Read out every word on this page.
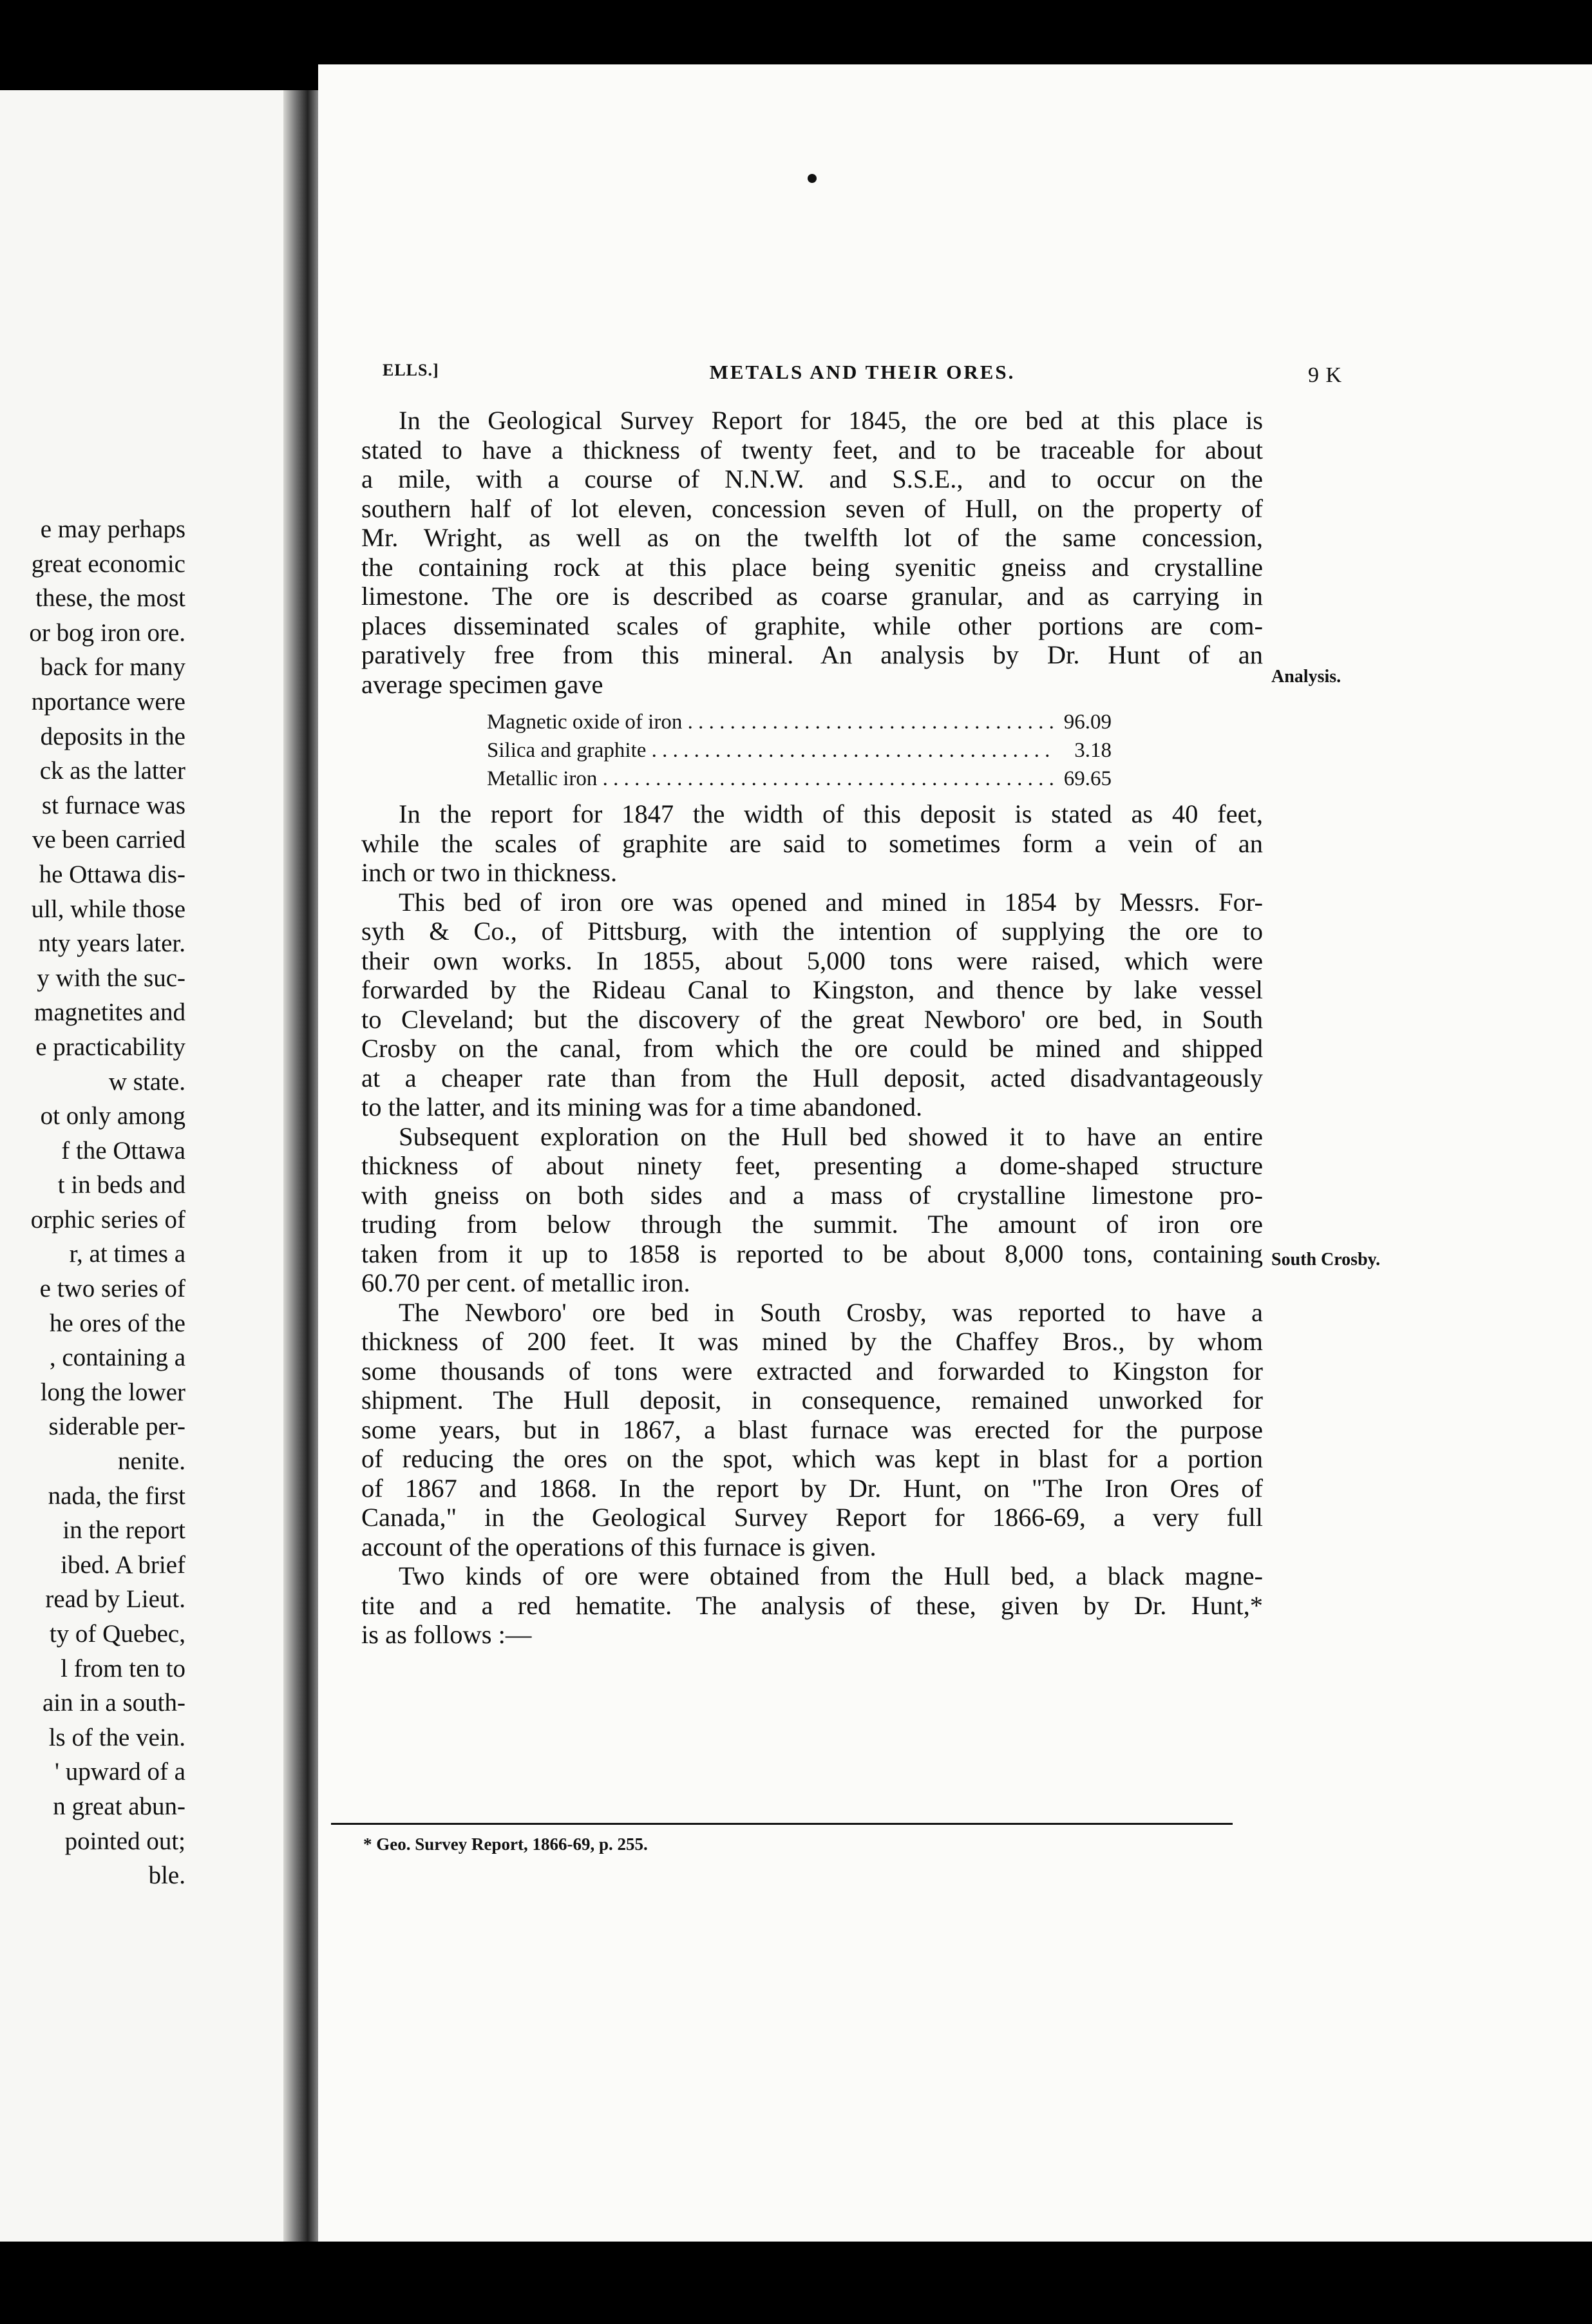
e may perhaps
great economic
these, the most
or bog iron ore.
back for many
nportance were
deposits in the
ck as the latter
st furnace was
ve been carried
he Ottawa dis-
ull, while those
nty years later.
y with the suc-
magnetites and
e practicability
w state.
ot only among
f the Ottawa
t in beds and
orphic series of
r, at times a
e two series of
he ores of the
, containing a
long the lower
siderable per-
nenite.
nada, the first
in the report
ibed. A brief
read by Lieut.
ty of Quebec,
l from ten to
ain in a south-
ls of the vein.
' upward of a
n great abun-
pointed out;
ble.
ELLS.]	METALS AND THEIR ORES.	9 K
In the Geological Survey Report for 1845, the ore bed at this place is
stated to have a thickness of twenty feet, and to be traceable for about
a mile, with a course of N.N.W. and S.S.E., and to occur on the
southern half of lot eleven, concession seven of Hull, on the property of
Mr. Wright, as well as on the twelfth lot of the same concession,
the containing rock at this place being syenitic gneiss and crystalline
limestone. The ore is described as coarse granular, and as carrying in
places disseminated scales of graphite, while other portions are com-
paratively free from this mineral. An analysis by Dr. Hunt of an
average specimen gave
Magnetic oxide of iron . . .	96.09
Silica and graphite . . .	3.18
Metallic iron . . .	69.65
In the report for 1847 the width of this deposit is stated as 40 feet,
while the scales of graphite are said to sometimes form a vein of an
inch or two in thickness.
This bed of iron ore was opened and mined in 1854 by Messrs. For-
syth & Co., of Pittsburg, with the intention of supplying the ore to
their own works. In 1855, about 5,000 tons were raised, which were
forwarded by the Rideau Canal to Kingston, and thence by lake vessel
to Cleveland; but the discovery of the great Newboro' ore bed, in South
Crosby on the canal, from which the ore could be mined and shipped
at a cheaper rate than from the Hull deposit, acted disadvantageously
to the latter, and its mining was for a time abandoned.
Subsequent exploration on the Hull bed showed it to have an entire
thickness of about ninety feet, presenting a dome-shaped structure
with gneiss on both sides and a mass of crystalline limestone pro-
truding from below through the summit. The amount of iron ore
taken from it up to 1858 is reported to be about 8,000 tons, containing
60.70 per cent. of metallic iron.
The Newboro' ore bed in South Crosby, was reported to have a
thickness of 200 feet. It was mined by the Chaffey Bros., by whom
some thousands of tons were extracted and forwarded to Kingston for
shipment. The Hull deposit, in consequence, remained unworked for
some years, but in 1867, a blast furnace was erected for the purpose
of reducing the ores on the spot, which was kept in blast for a portion
of 1867 and 1868. In the report by Dr. Hunt, on "The Iron Ores of
Canada," in the Geological Survey Report for 1866-69, a very full
account of the operations of this furnace is given.
Two kinds of ore were obtained from the Hull bed, a black magne-
tite and a red hematite. The analysis of these, given by Dr. Hunt,*
is as follows :—
Analysis.
South Crosby.
* Geo. Survey Report, 1866-69, p. 255.
